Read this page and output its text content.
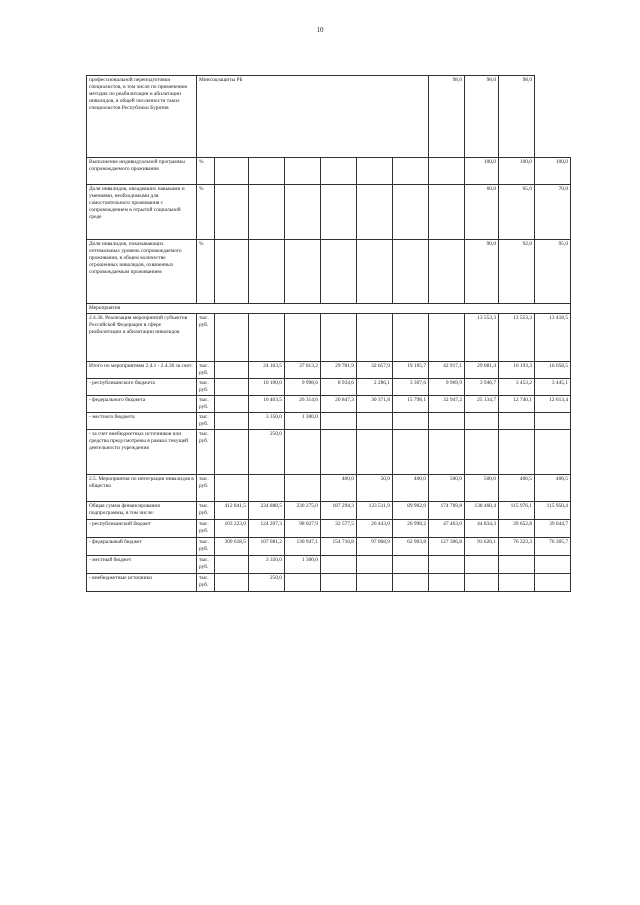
10
профессиональной переподготовки специалистов, в том числе по применению методик по реабилитации и абилитации инвалидов, в общей численности таких специалистов Республики Бурятия	Минсоцзащиты РБ							98,0	98,0	98,0	
Выполнение индивидуальной программы сопровождаемого проживания	%								100,0	100,0	100,0
Доля инвалидов, овладевших навыками и умениями, необходимыми для самостоятельного проживания с сопровождением в отрытой социальной среде	%								60,0	65,0	70,0
Доля инвалидов, показывающих оптимальных уровень сопровождаемого проживания, в общем количестве отрошенных инвалидов, охваченных сопровождаемым проживанием	%								90,0	92,0	95,0
Мероприятия											
2.4.36. Реализация мероприятий субъектов Российской Федерации в сфере реабилитации и абилитации инвалидов	тыс. руб.								13 553,3	13 553,3	13 418,5
Итого по мероприятиям 2.4.1 - 2.4.36 за счет:	тыс. руб.		24 163,5	37 613,2	29 781,9	32 657,9	19 105,7	42 917,1	29 081,4	16 193,3	16 058,5
- республиканского бюджета	тыс. руб.		10 100,0	9 998,6	8 934,6	2 286,1	3 307,6	9 969,9	3 946,7	3 453,2	3 445,1
- федерального бюджета	тыс. руб.		10 463,5	26 314,6	20 847,3	30 371,8	15 798,1	32 947,2	25 134,7	12 740,1	12 613,4
- местного бюджета	тыс. руб.		3 350,0	1 300,0							
- за счет внебюджетных источников или средства предусмотрены в рамках текущей деятельности учреждения	тыс. руб.		250,0								
2.5. Мероприятия по интеграции инвалидов в общество	тыс. руб.				400,0	50,0	400,0	500,0	500,0	406,5	406,5
Общая сумма финансирования подпрограммы, в том числе:	тыс. руб.	412 841,5	234 888,5	230 275,0	187 294,3	123 511,9	89 902,0	174 769,8	138 460,4	115 976,1	115 950,4
- республиканский бюджет	тыс. руб.	103 223,0	124 207,3	98 027,9	32 577,5	26 443,0	26 998,2	47 463,0	44 834,3	39 652,8	39 644,7
- федеральный бюджет	тыс. руб.	309 618,5	107 081,2	130 947,1	154 716,8	97 068,9	62 903,8	127 306,8	93 626,1	76 323,3	76 305,7
- местный бюджет	тыс. руб.		3 350,0	1 300,0							
- внебюджетные источники	тыс. руб.		250,0								
